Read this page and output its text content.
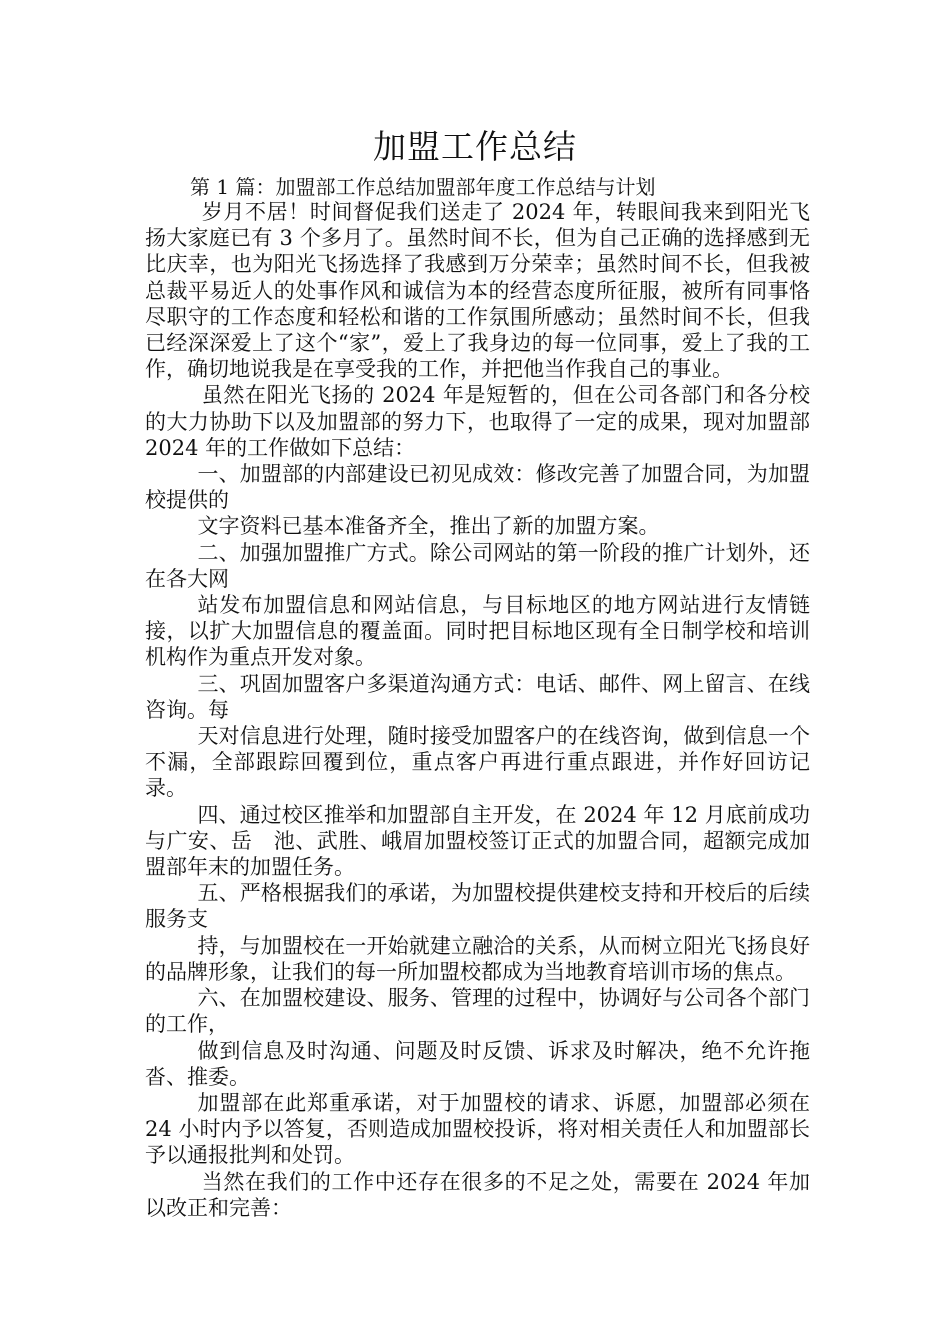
加盟工作总结
第 1 篇：加盟部工作总结加盟部年度工作总结与计划

岁月不居！时间督促我们送走了 2024 年，转眼间我来到阳光飞扬大家庭已有 3 个多月了。虽然时间不长，但为自己正确的选择感到无比庆幸，也为阳光飞扬选择了我感到万分荣幸；虽然时间不长，但我被总裁平易近人的处事作风和诚信为本的经营态度所征服，被所有同事恪尽职守的工作态度和轻松和谐的工作氛围所感动；虽然时间不长，但我已经深深爱上了这个“家”，爱上了我身边的每一位同事，爱上了我的工作，确切地说我是在享受我的工作，并把他当作我自己的事业。

虽然在阳光飞扬的 2024 年是短暂的，但在公司各部门和各分校的大力协助下以及加盟部的努力下，也取得了一定的成果，现对加盟部 2024 年的工作做如下总结：

一、加盟部的内部建设已初见成效：修改完善了加盟合同，为加盟校提供的

文字资料已基本准备齐全，推出了新的加盟方案。

二、加强加盟推广方式。除公司网站的第一阶段的推广计划外，还在各大网

站发布加盟信息和网站信息，与目标地区的地方网站进行友情链接，以扩大加盟信息的覆盖面。同时把目标地区现有全日制学校和培训机构作为重点开发对象。

三、巩固加盟客户多渠道沟通方式：电话、邮件、网上留言、在线咨询。每

天对信息进行处理，随时接受加盟客户的在线咨询，做到信息一个不漏，全部跟踪回覆到位，重点客户再进行重点跟进，并作好回访记录。

四、通过校区推举和加盟部自主开发，在 2024 年 12 月底前成功与广安、岳　池、武胜、峨眉加盟校签订正式的加盟合同，超额完成加盟部年末的加盟任务。

五、严格根据我们的承诺，为加盟校提供建校支持和开校后的后续服务支

持，与加盟校在一开始就建立融洽的关系，从而树立阳光飞扬良好的品牌形象，让我们的每一所加盟校都成为当地教育培训市场的焦点。

六、在加盟校建设、服务、管理的过程中，协调好与公司各个部门的工作，

做到信息及时沟通、问题及时反馈、诉求及时解决，绝不允许拖沓、推委。

加盟部在此郑重承诺，对于加盟校的请求、诉愿，加盟部必须在 24 小时内予以答复，否则造成加盟校投诉，将对相关责任人和加盟部长予以通报批判和处罚。

当然在我们的工作中还存在很多的不足之处，需要在 2024 年加以改正和完善：
